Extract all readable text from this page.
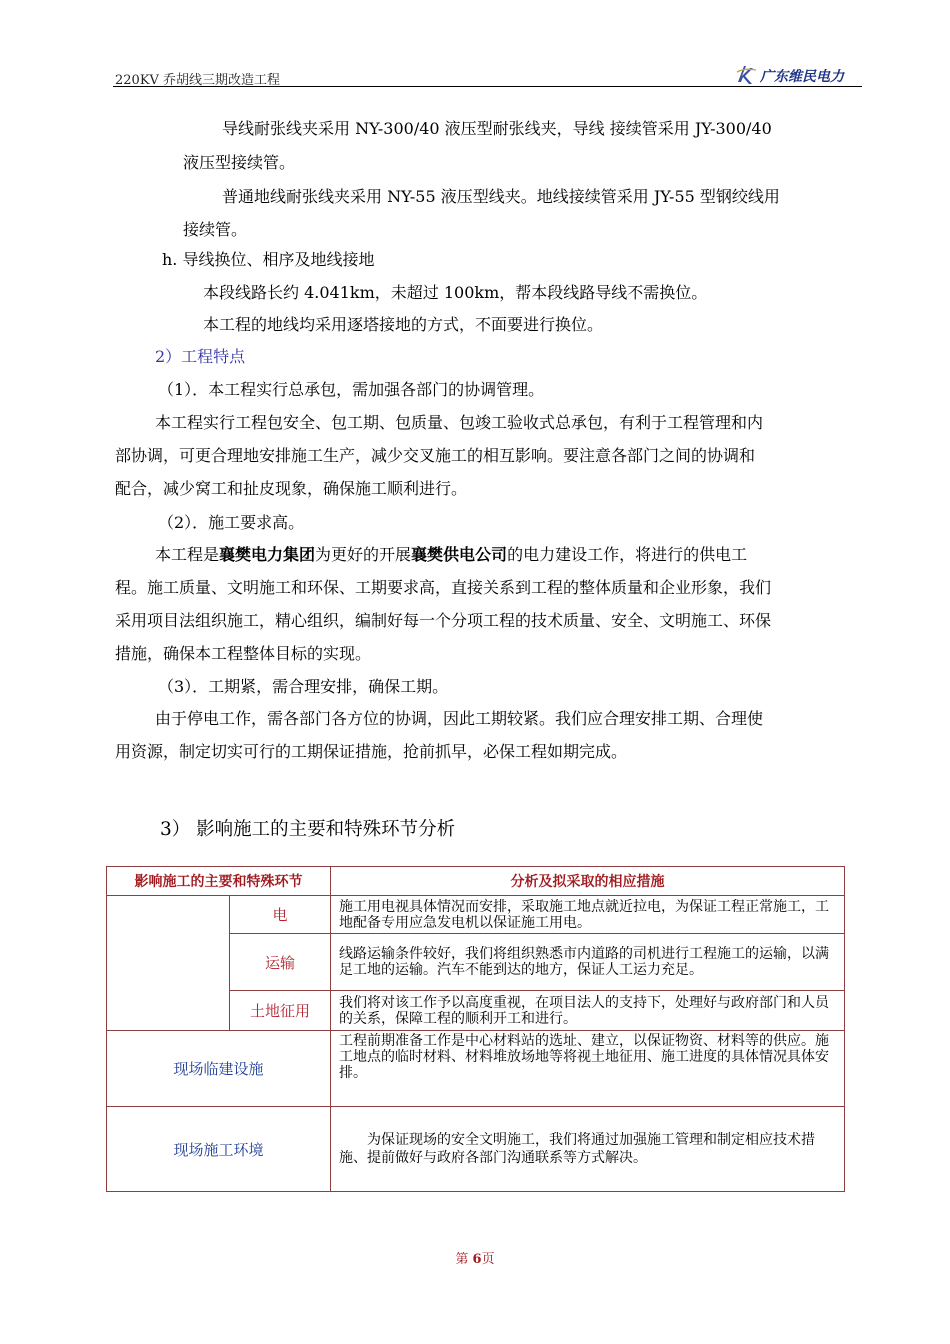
220KV 乔胡线三期改造工程	广东维民电力
导线耐张线夹采用 NY-300/40 液压型耐张线夹，导线 接续管采用 JY-300/40
液压型接续管。
普通地线耐张线夹采用 NY-55 液压型线夹。地线接续管采用 JY-55 型钢绞线用
接续管。
h. 导线换位、相序及地线接地
本段线路长约 4.041km，未超过 100km，帮本段线路导线不需换位。
本工程的地线均采用逐塔接地的方式，不面要进行换位。
2）工程特点
（1）．本工程实行总承包，需加强各部门的协调管理。
本工程实行工程包安全、包工期、包质量、包竣工验收式总承包，有利于工程管理和内
部协调，可更合理地安排施工生产，减少交叉施工的相互影响。要注意各部门之间的协调和
配合，减少窝工和扯皮现象，确保施工顺利进行。
（2）．施工要求高。
本工程是襄樊电力集团为更好的开展襄樊供电公司的电力建设工作，将进行的供电工
程。施工质量、文明施工和环保、工期要求高，直接关系到工程的整体质量和企业形象，我们
采用项目法组织施工，精心组织，编制好每一个分项工程的技术质量、安全、文明施工、环保
措施，确保本工程整体目标的实现。
（3）．工期紧，需合理安排，确保工期。
由于停电工作，需各部门各方位的协调，因此工期较紧。我们应合理安排工期、合理使
用资源，制定切实可行的工期保证措施，抢前抓早，必保工程如期完成。
3） 影响施工的主要和特殊环节分析
影响施工的主要和特殊环节		分析及拟采取的相应措施
	电	施工用电视具体情况而安排，采取施工地点就近拉电，为保证工程正常施工，工地配备专用应急发电机以保证施工用电。
	运输	线路运输条件较好，我们将组织熟悉市内道路的司机进行工程施工的运输，以满足工地的运输。汽车不能到达的地方，保证人工运力充足。
	土地征用	我们将对该工作予以高度重视，在项目法人的支持下，处理好与政府部门和人员的关系，保障工程的顺利开工和进行。
现场临建设施		工程前期准备工作是中心材料站的选址、建立，以保证物资、材料等的供应。施工地点的临时材料、材料堆放场地等将视土地征用、施工进度的具体情况具体安排。
现场施工环境		为保证现场的安全文明施工，我们将通过加强施工管理和制定相应技术措施、提前做好与政府各部门沟通联系等方式解决。
第 6页
